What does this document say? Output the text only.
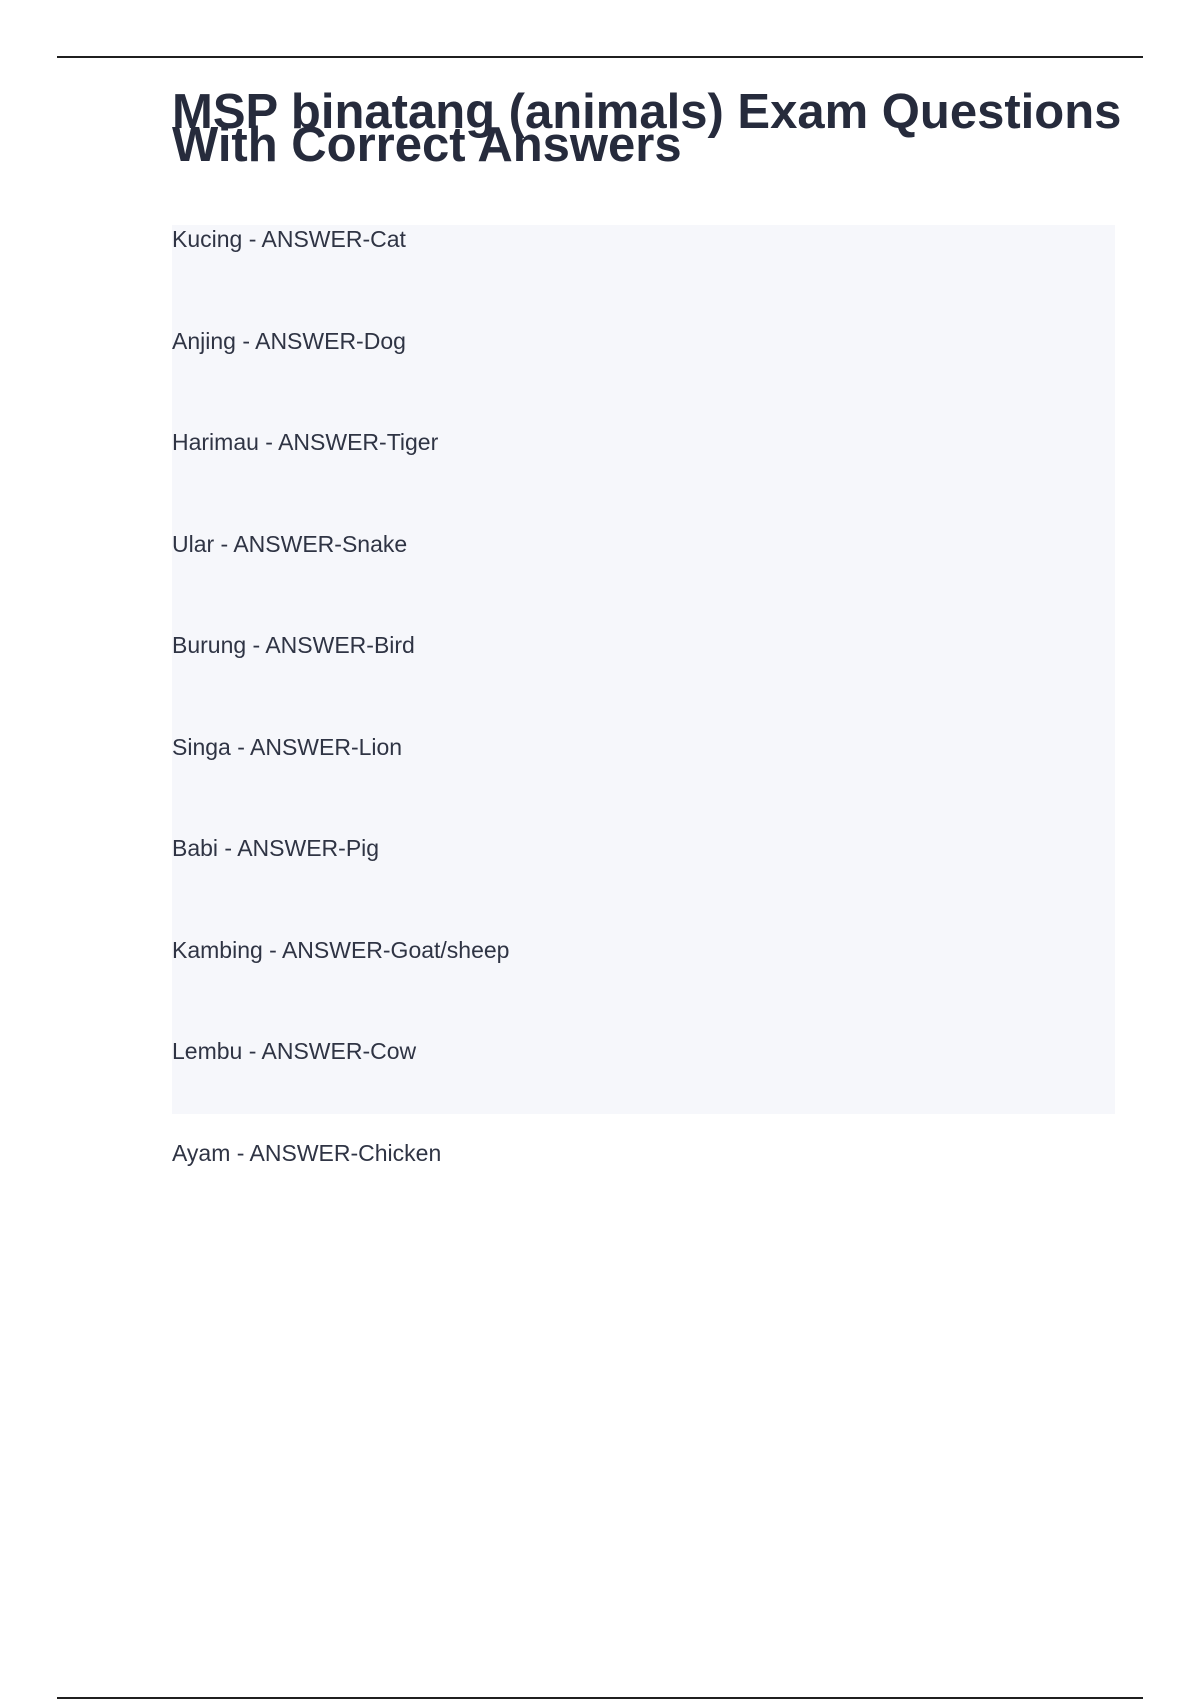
MSP binatang (animals) Exam Questions With Correct Answers
Kucing - ANSWER-Cat
Anjing - ANSWER-Dog
Harimau - ANSWER-Tiger
Ular - ANSWER-Snake
Burung - ANSWER-Bird
Singa - ANSWER-Lion
Babi - ANSWER-Pig
Kambing - ANSWER-Goat/sheep
Lembu - ANSWER-Cow
Ayam - ANSWER-Chicken
